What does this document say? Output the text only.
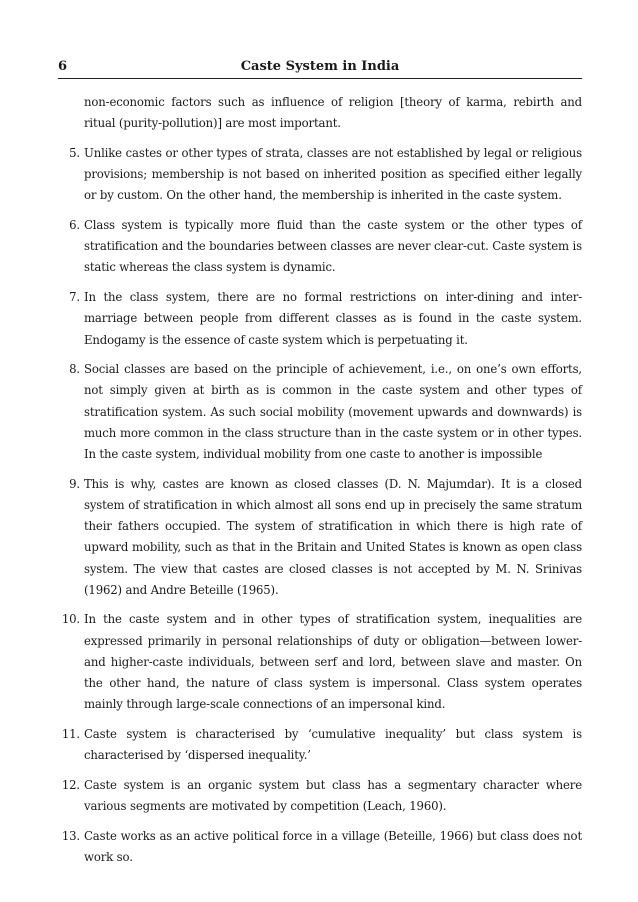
6	Caste System in India
non-economic factors such as influence of religion [theory of karma, rebirth and ritual (purity-pollution)] are most important.
5. Unlike castes or other types of strata, classes are not established by legal or religious provisions; membership is not based on inherited position as specified either legally or by custom. On the other hand, the membership is inherited in the caste system.
6. Class system is typically more fluid than the caste system or the other types of stratification and the boundaries between classes are never clear-cut. Caste system is static whereas the class system is dynamic.
7. In the class system, there are no formal restrictions on inter-dining and inter-marriage between people from different classes as is found in the caste system. Endogamy is the essence of caste system which is perpetuating it.
8. Social classes are based on the principle of achievement, i.e., on one’s own efforts, not simply given at birth as is common in the caste system and other types of stratification system. As such social mobility (movement upwards and downwards) is much more common in the class structure than in the caste system or in other types. In the caste system, individual mobility from one caste to another is impossible
9. This is why, castes are known as closed classes (D. N. Majumdar). It is a closed system of stratification in which almost all sons end up in precisely the same stratum their fathers occupied. The system of stratification in which there is high rate of upward mobility, such as that in the Britain and United States is known as open class system. The view that castes are closed classes is not accepted by M. N. Srinivas (1962) and Andre Beteille (1965).
10. In the caste system and in other types of stratification system, inequalities are expressed primarily in personal relationships of duty or obligation—between lower- and higher-caste individuals, between serf and lord, between slave and master. On the other hand, the nature of class system is impersonal. Class system operates mainly through large-scale connections of an impersonal kind.
11. Caste system is characterised by ‘cumulative inequality’ but class system is characterised by ‘dispersed inequality.’
12. Caste system is an organic system but class has a segmentary character where various segments are motivated by competition (Leach, 1960).
13. Caste works as an active political force in a village (Beteille, 1966) but class does not work so.
